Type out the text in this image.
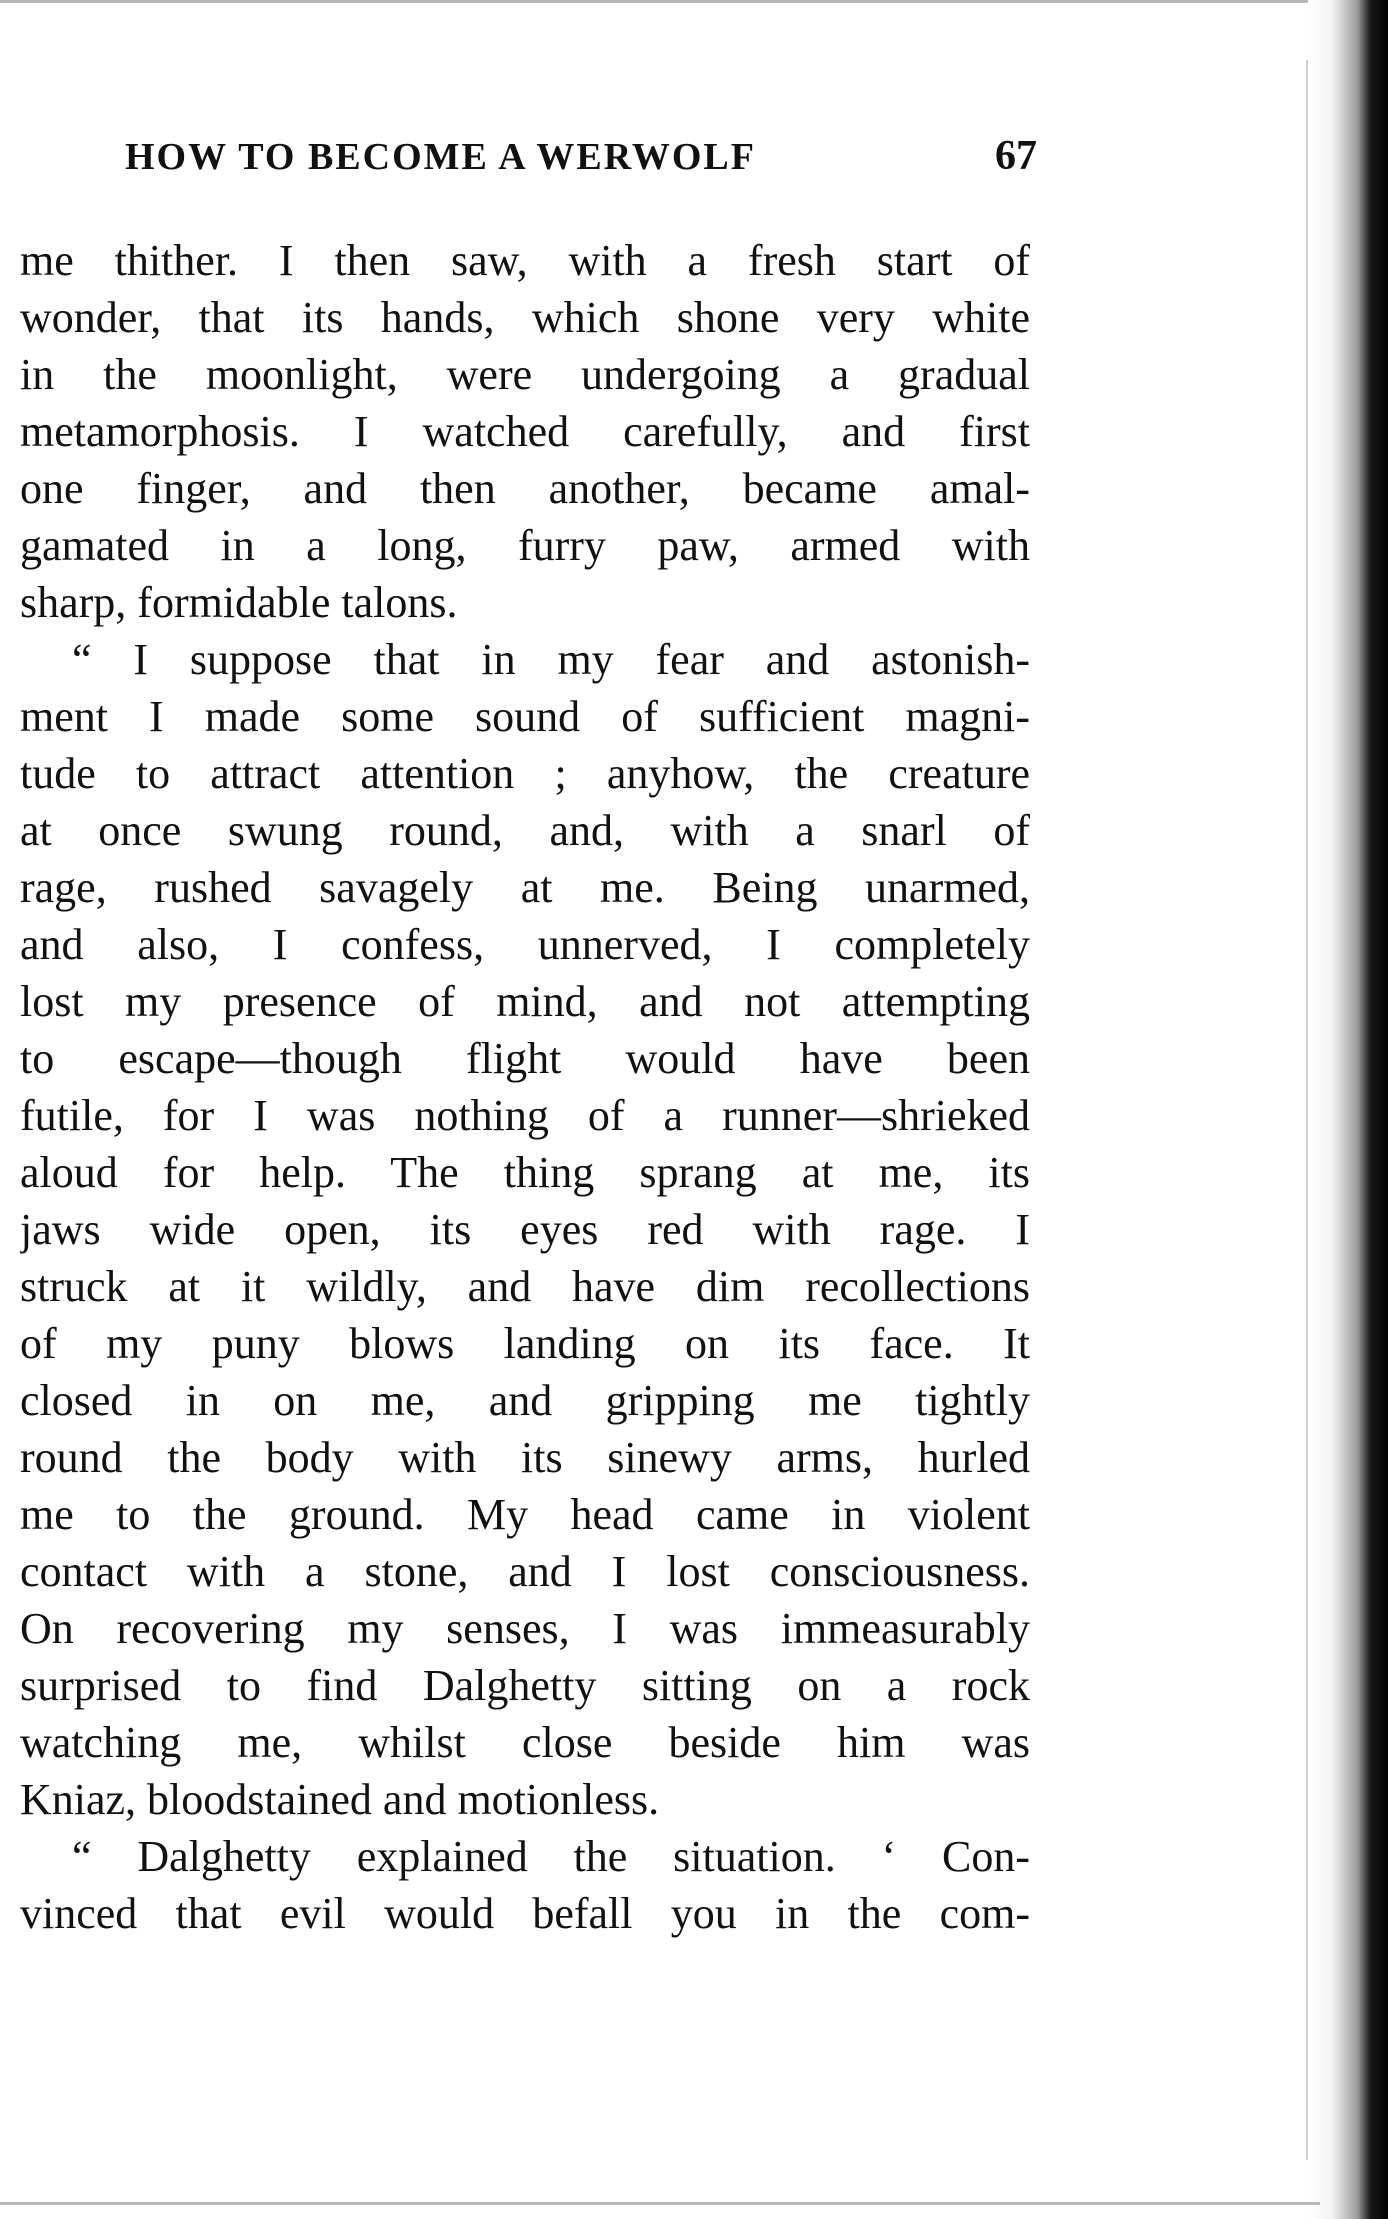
HOW TO BECOME A WERWOLF	67
me thither. I then saw, with a fresh start of
wonder, that its hands, which shone very white
in the moonlight, were undergoing a gradual
metamorphosis. I watched carefully, and first
one finger, and then another, became amal-
gamated in a long, furry paw, armed with
sharp, formidable talons.
“ I suppose that in my fear and astonish-
ment I made some sound of sufficient magni-
tude to attract attention ; anyhow, the creature
at once swung round, and, with a snarl of
rage, rushed savagely at me. Being unarmed,
and also, I confess, unnerved, I completely
lost my presence of mind, and not attempting
to escape—though flight would have been
futile, for I was nothing of a runner—shrieked
aloud for help. The thing sprang at me, its
jaws wide open, its eyes red with rage. I
struck at it wildly, and have dim recollections
of my puny blows landing on its face. It
closed in on me, and gripping me tightly
round the body with its sinewy arms, hurled
me to the ground. My head came in violent
contact with a stone, and I lost consciousness.
On recovering my senses, I was immeasurably
surprised to find Dalghetty sitting on a rock
watching me, whilst close beside him was
Kniaz, bloodstained and motionless.
“ Dalghetty explained the situation. ‘ Con-
vinced that evil would befall you in the com-
